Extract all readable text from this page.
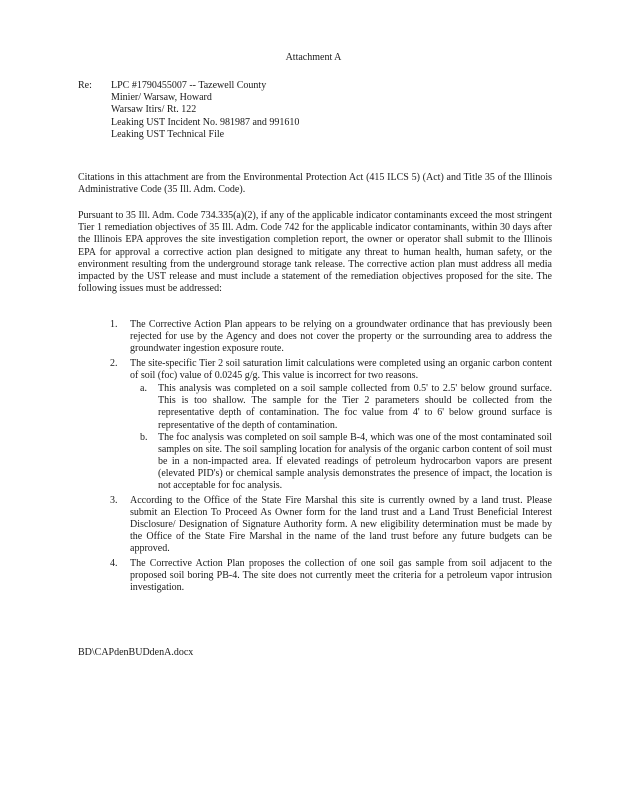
Attachment A
Re: LPC #1790455007 -- Tazewell County
Minier/ Warsaw, Howard
Warsaw Itirs/ Rt. 122
Leaking UST Incident No. 981987 and 991610
Leaking UST Technical File
Citations in this attachment are from the Environmental Protection Act (415 ILCS 5) (Act) and Title 35 of the Illinois Administrative Code (35 Ill. Adm. Code).
Pursuant to 35 Ill. Adm. Code 734.335(a)(2), if any of the applicable indicator contaminants exceed the most stringent Tier 1 remediation objectives of 35 Ill. Adm. Code 742 for the applicable indicator contaminants, within 30 days after the Illinois EPA approves the site investigation completion report, the owner or operator shall submit to the Illinois EPA for approval a corrective action plan designed to mitigate any threat to human health, human safety, or the environment resulting from the underground storage tank release. The corrective action plan must address all media impacted by the UST release and must include a statement of the remediation objectives proposed for the site. The following issues must be addressed:
1. The Corrective Action Plan appears to be relying on a groundwater ordinance that has previously been rejected for use by the Agency and does not cover the property or the surrounding area to address the groundwater ingestion exposure route.
2. The site-specific Tier 2 soil saturation limit calculations were completed using an organic carbon content of soil (foc) value of 0.0245 g/g. This value is incorrect for two reasons.
a. This analysis was completed on a soil sample collected from 0.5' to 2.5' below ground surface. This is too shallow. The sample for the Tier 2 parameters should be collected from the representative depth of contamination. The foc value from 4' to 6' below ground surface is representative of the depth of contamination.
b. The foc analysis was completed on soil sample B-4, which was one of the most contaminated soil samples on site. The soil sampling location for analysis of the organic carbon content of soil must be in a non-impacted area. If elevated readings of petroleum hydrocarbon vapors are present (elevated PID's) or chemical sample analysis demonstrates the presence of impact, the location is not acceptable for foc analysis.
3. According to the Office of the State Fire Marshal this site is currently owned by a land trust. Please submit an Election To Proceed As Owner form for the land trust and a Land Trust Beneficial Interest Disclosure/ Designation of Signature Authority form. A new eligibility determination must be made by the Office of the State Fire Marshal in the name of the land trust before any future budgets can be approved.
4. The Corrective Action Plan proposes the collection of one soil gas sample from soil adjacent to the proposed soil boring PB-4. The site does not currently meet the criteria for a petroleum vapor intrusion investigation.
BD\CAPdenBUDdenA.docx
